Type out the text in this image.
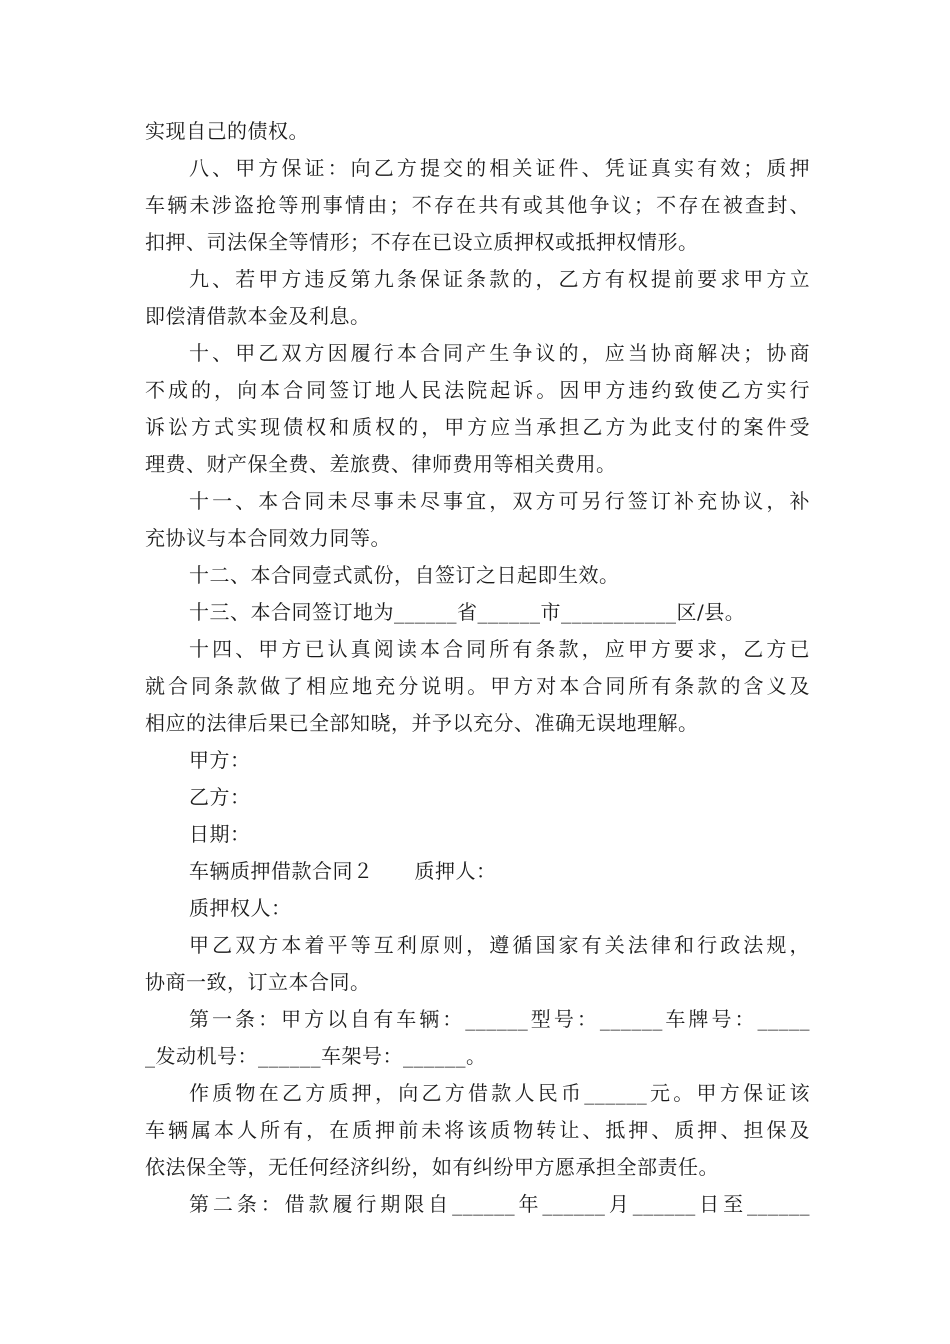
实现自己的债权。
八、甲方保证：向乙方提交的相关证件、凭证真实有效；质押
车辆未涉盗抢等刑事情由；不存在共有或其他争议；不存在被查封、
扣押、司法保全等情形；不存在已设立质押权或抵押权情形。
九、若甲方违反第九条保证条款的，乙方有权提前要求甲方立
即偿清借款本金及利息。
十、甲乙双方因履行本合同产生争议的，应当协商解决；协商
不成的，向本合同签订地人民法院起诉。因甲方违约致使乙方实行
诉讼方式实现债权和质权的，甲方应当承担乙方为此支付的案件受
理费、财产保全费、差旅费、律师费用等相关费用。
十一、本合同未尽事未尽事宜，双方可另行签订补充协议，补
充协议与本合同效力同等。
十二、本合同壹式贰份，自签订之日起即生效。
十三、本合同签订地为______省______市___________区/县。
十四、甲方已认真阅读本合同所有条款，应甲方要求，乙方已
就合同条款做了相应地充分说明。甲方对本合同所有条款的含义及
相应的法律后果已全部知晓，并予以充分、准确无误地理解。
甲方：
乙方：
日期：
车辆质押借款合同２　　质押人：
质押权人：
甲乙双方本着平等互利原则，遵循国家有关法律和行政法规，
协商一致，订立本合同。
第一条：甲方以自有车辆：______型号：______车牌号：_____
_发动机号：______车架号：______。
作质物在乙方质押，向乙方借款人民币______元。甲方保证该
车辆属本人所有，在质押前未将该质物转让、抵押、质押、担保及
依法保全等，无任何经济纠纷，如有纠纷甲方愿承担全部责任。
第二条：借款履行期限自______年______月______日至______
